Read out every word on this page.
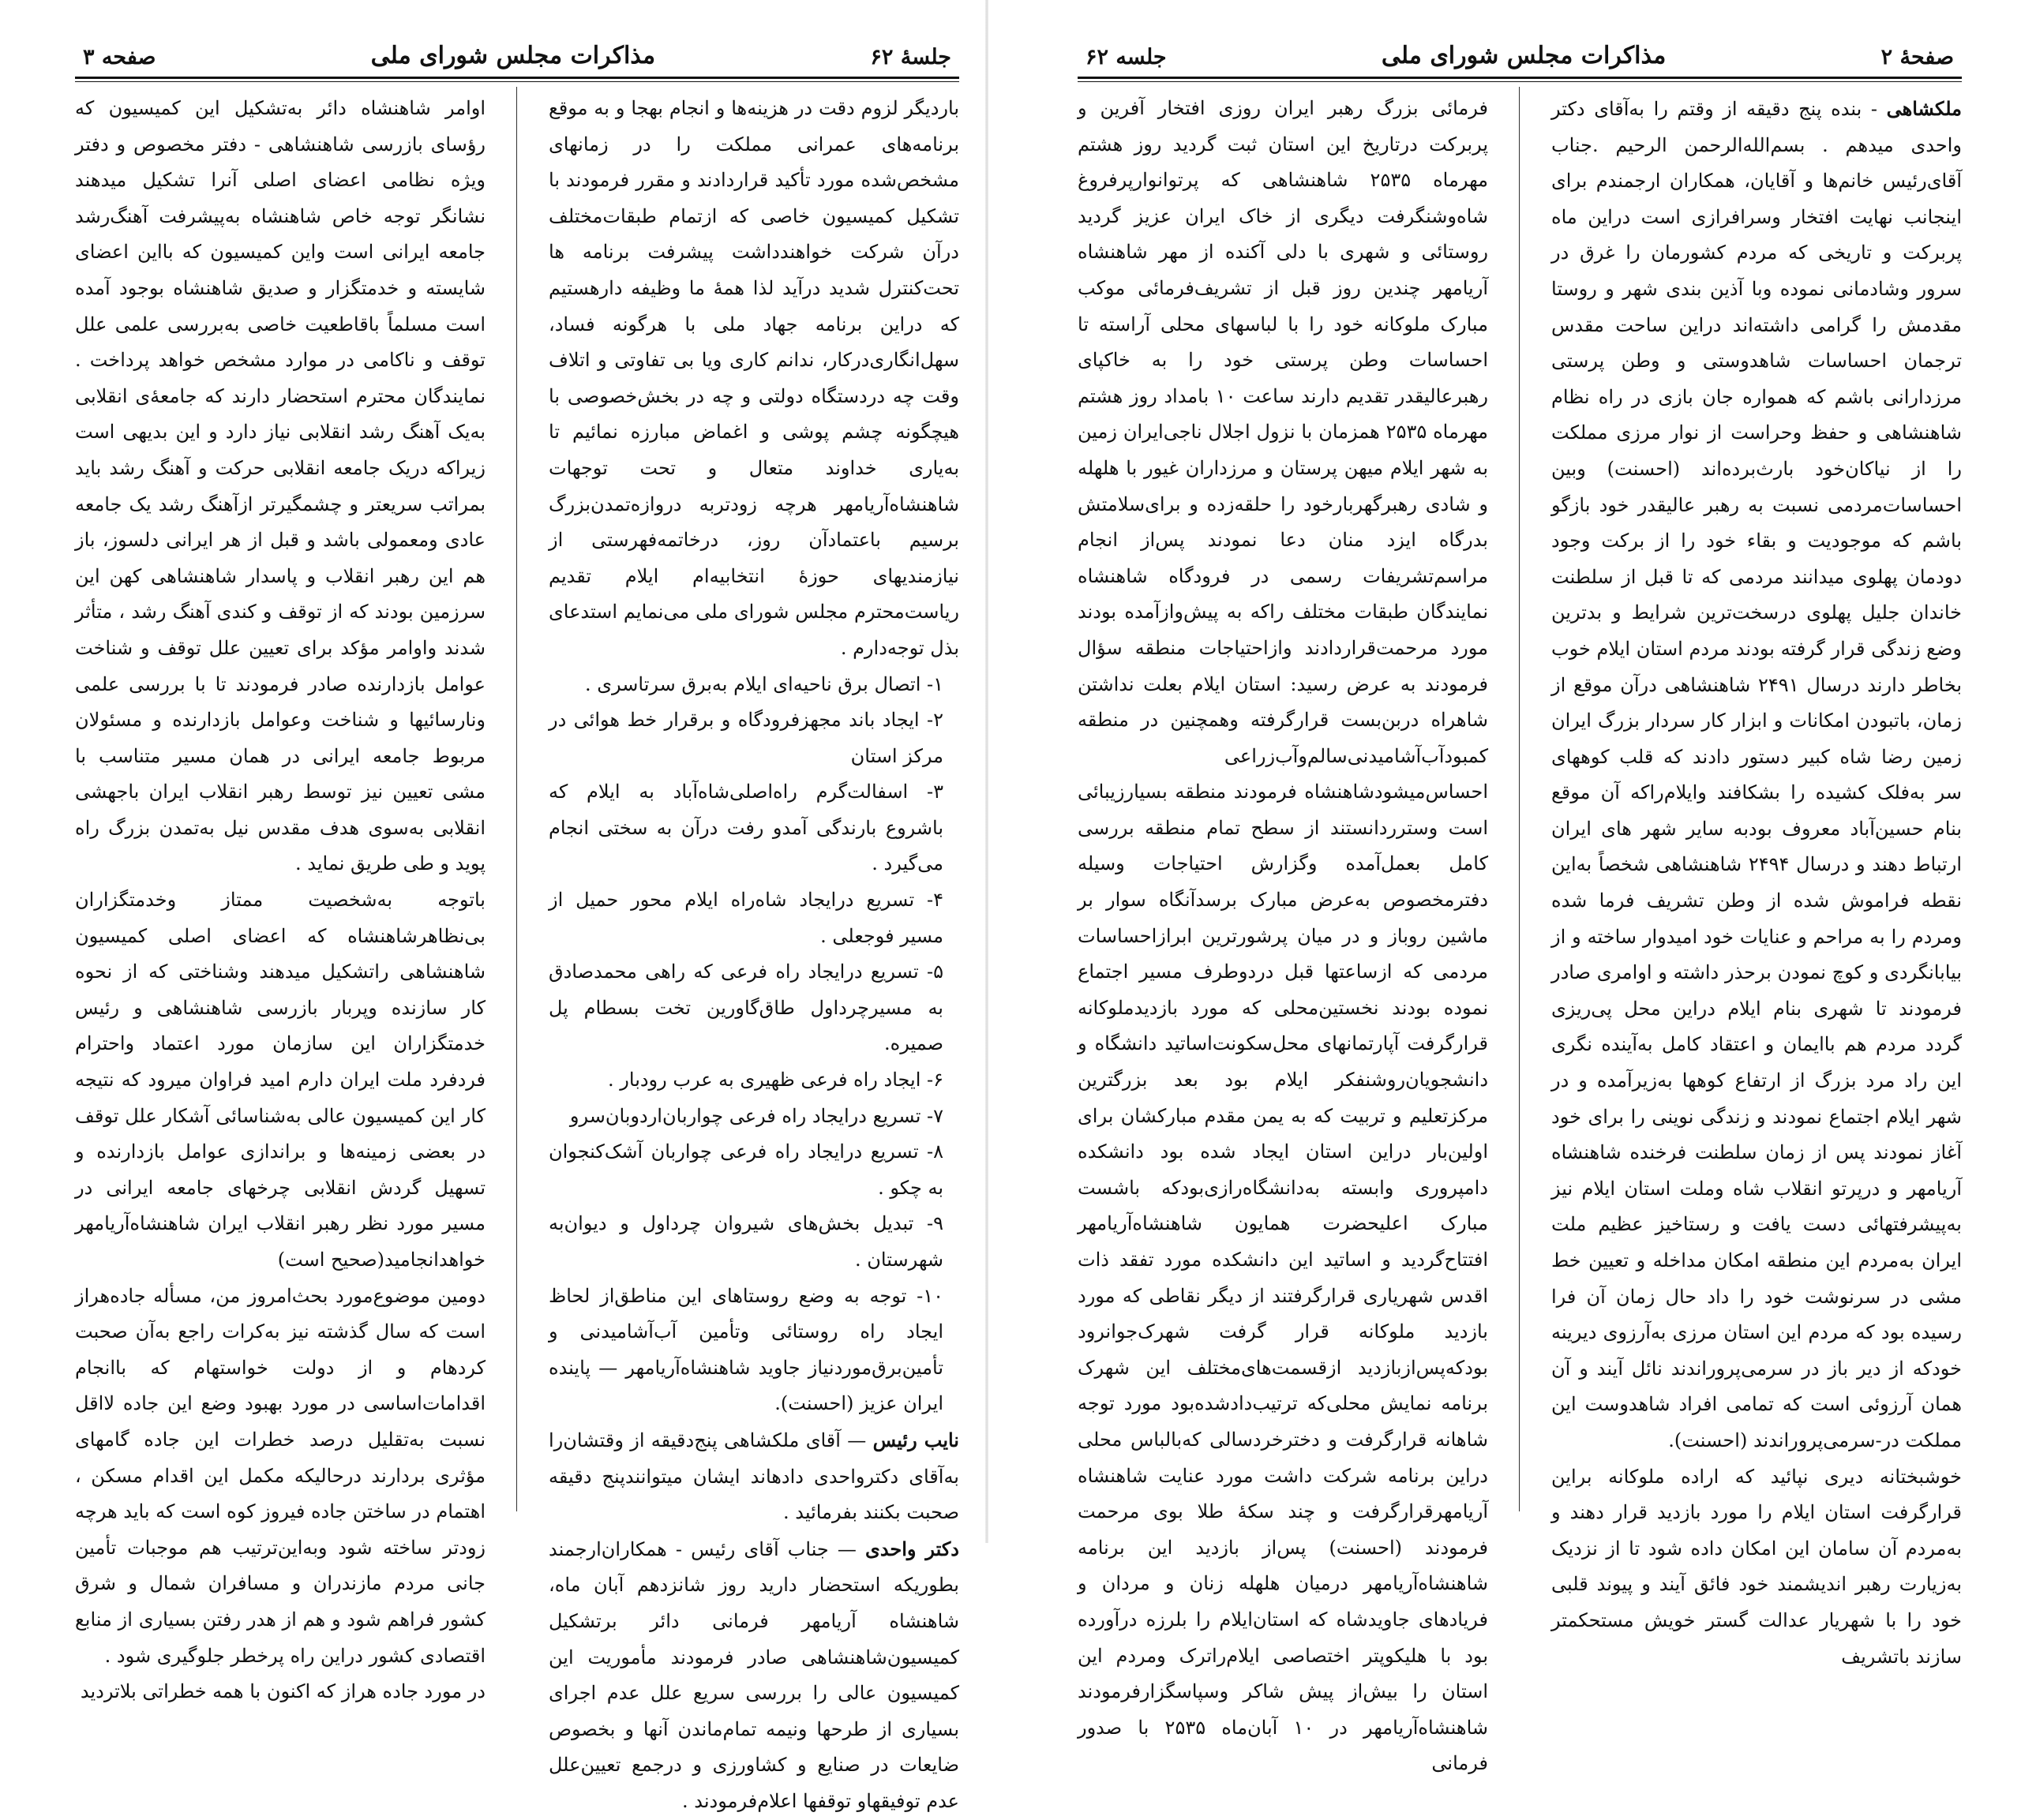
جلسهٔ ۶۲
مذاکرات مجلس شورای ملی
صفحه ۳

باردیگر لزوم دقت در هزینه‌ها و انجام بهجا و به موقع برنامه‌های عمرانی مملکت را در زمانهای مشخص‌شده مورد تأکید قراردادند و مقرر فرمودند با تشکیل کمیسیون خاصی که ازتمام طبقات‌مختلف درآن شرکت خواهندداشت پیشرفت برنامه ها تحت‌کنترل شدید درآید لذا همهٔ ما وظیفه دارهستیم که دراین برنامه جهاد ملی با هرگونه فساد، سهل‌انگاری‌درکار، ندانم کاری ویا بی تفاوتی و اتلاف وقت چه دردستگاه دولتی و چه در بخش‌خصوصی با هیچگونه چشم پوشی و اغماض مبارزه نمائیم تا به‌یاری خداوند متعال و تحت توجهات شاهنشاه‌آریامهر هرچه زودتربه دروازه‌تمدن‌بزرگ برسیم باعتماد‌آن روز، درخاتمه‌فهرستی از نیازمندیهای حوزهٔ انتخابیه‌ام ایلام تقدیم ریاست‌محترم مجلس شورای ملی می‌نمایم استدعای بذل توجه‌دارم .

۱- اتصال برق ناحیه‌ای ایلام به‌برق سرتاسری .

۲- ایجاد باند مجهزفرودگاه و برقرار خط هوائی در مرکز استان

۳- اسفالت‌گرم راه‌اصلی‌شاه‌آباد به ایلام که باشروع بارندگی آمدو رفت درآن به سختی انجام می‌گیرد .

۴- تسریع درایجاد شاه‌راه ایلام محور حمیل از مسیر فوجعلی .

۵- تسریع درایجاد راه فرعی که راهی محمدصادق به مسیرچرداول طاق‌گاورین تخت بسطام پل صمیره.

۶- ایجاد راه فرعی ظهیری به عرب رودبار .

۷- تسریع درایجاد راه فرعی چواربان‌اردوبان‌سرو

۸- تسریع درایجاد راه فرعی چواربان آشک‌کنجوان به چکو .

۹- تبدیل بخش‌های شیروان چرداول و دیوان‌به شهرستان .

۱۰- توجه به وضع روستاهای این مناطق‌از لحاظ ایجاد راه روستائی وتأمین آب‌آشامیدنی و تأمین‌برق‌موردنیاز جاوید شاهنشاه‌آریامهر — پاینده ایران عزیز (احسنت).

نایب رئیس — آقای ملکشاهی پنج‌دقیقه از وقتشان‌را به‌آقای دکترواحدی دادهاند ایشان میتوانندپنج دقیقه صحبت بکنند بفرمائید .

دکتر واحدی — جناب آقای رئیس - همکاران‌ارجمند بطوریکه استحضار دارید روز شانزدهم آبان ماه، شاهنشاه آریامهر فرمانی دائر برتشکیل کمیسیون‌شاهنشاهی صادر فرمودند مأموریت این کمیسیون عالی را بررسی سریع علل عدم اجرای بسیاری از طرحها ونیمه تمام‌ماندن آنها و بخصوص ضایعات در صنایع و کشاورزی و درجمع تعیین‌علل عدم توفیقهاو توقفها اعلام‌فرمودند .

اوامر شاهنشاه دائر به‌تشکیل این کمیسیون که رؤسای بازرسی شاهنشاهی - دفتر مخصوص و دفتر ویژه نظامی اعضای اصلی آنرا تشکیل میدهند نشانگر توجه خاص شاهنشاه به‌پیشرفت آهنگ‌رشد جامعه ایرانی است واین کمیسیون که بااین اعضای شایسته و خدمتگزار و صدیق شاهنشاه بوجود آمده است مسلماً باقاطعیت خاصی به‌بررسی علمی علل توقف و ناکامی در موارد مشخص خواهد پرداخت . نمایندگان محترم استحضار دارند که جامعهٔ‌ی انقلابی به‌یک آهنگ رشد انقلابی نیاز دارد و این بدیهی است زیراکه دریک جامعه انقلابی حرکت و آهنگ رشد باید بمراتب سریعتر و چشمگیرتر ازآهنگ رشد یک جامعه عادی ومعمولی باشد و قبل از هر ایرانی دلسوز، باز هم این رهبر انقلاب و پاسدار شاهنشاهی کهن این سرزمین بودند که از توقف و کندی آهنگ رشد ، متأثر شدند واوامر مؤکد برای تعیین علل توقف و شناخت عوامل بازدارنده صادر فرمودند تا با بررسی علمی ونارسائیها و شناخت وعوامل بازدارنده و مسئولان مربوط جامعه ایرانی در همان مسیر متناسب با مشی تعیین نیز توسط رهبر انقلاب ایران باجهشی انقلابی به‌سوی هدف مقدس نیل به‌تمدن بزرگ راه پوید و طی طریق نماید .

باتوجه به‌شخصیت ممتاز وخدمتگزاران بی‌نظاهرشاهنشاه که اعضای اصلی کمیسیون شاهنشاهی راتشکیل میدهند وشناختی که از نحوه کار سازنده وپربار بازرسی شاهنشاهی و رئیس خدمتگزاران این سازمان مورد اعتماد واحترام فردفرد ملت ایران دارم امید فراوان میرود که نتیجه کار این کمیسیون عالی به‌شناسائی آشکار علل توقف در بعضی زمینه‌ها و براندازی عوامل بازدارنده و تسهیل گردش انقلابی چرخهای جامعه ایرانی در مسیر مورد نظر رهبر انقلاب ایران شاهنشاه‌آریامهر خواهدانجامید(صحیح است)

دومین موضوع‌مورد بحث‌امروز من، مسأله جاده‌هراز است که سال گذشته نیز به‌کرات راجع به‌آن صحبت کردهام و از دولت خواستهام که باانجام اقدامات‌اساسی در مورد بهبود وضع این جاده لااقل نسبت به‌تقلیل درصد خطرات این جاده گامهای مؤثری بردارند درحالیکه مکمل این اقدام مسکن ، اهتمام در ساختن جاده فیروز کوه است که باید هرچه زودتر ساخته شود وبه‌این‌ترتیب هم موجبات تأمین جانی مردم مازندران و مسافران شمال و شرق کشور فراهم شود و هم از هدر رفتن بسیاری از منابع اقتصادی کشور دراین راه پرخطر جلوگیری شود .

در مورد جاده هراز که اکنون با همه خطراتی بلاتردید

صفحهٔ ۲
مذاکرات مجلس شورای ملی
جلسه ۶۲

ملکشاهی - بنده پنج دقیقه از وقتم را به‌آقای دکتر واحدی میدهم . بسم‌الله‌الرحمن الرحیم .جناب آقای‌رئیس خانم‌ها و آقایان، همکاران ارجمندم برای اینجانب نهایت افتخار وسرافرازی است دراین ماه پربرکت و تاریخی که مردم کشورمان را غرق در سرور وشادمانی نموده وبا آذین بندی شهر و روستا مقدمش را گرامی داشته‌اند دراین ساحت مقدس ترجمان احساسات شاهدوستی و وطن پرستی مرزدارانی باشم که همواره جان بازی در راه نظام شاهنشاهی و حفظ وحراست از نوار مرزی مملکت را از نیاکان‌خود بارث‌برده‌اند (احسنت) وبین احساسات‌مردمی نسبت به رهبر عالیقدر خود بازگو باشم که موجودیت و بقاء خود را از برکت وجود دودمان پهلوی میدانند مردمی که تا قبل از سلطنت خاندان جلیل پهلوی درسخت‌ترین شرایط و بدترین وضع زندگی قرار گرفته بودند مردم استان ایلام خوب بخاطر دارند درسال ۲۴۹۱ شاهنشاهی درآن موقع از زمان، باتبودن امکانات و ابزار کار سردار بزرگ ایران زمین رضا شاه کبیر دستور دادند که قلب کوههای سر به‌فلک کشیده را بشکافند وایلام‌راکه آن موقع بنام حسین‌آباد معروف بودبه سایر شهر های ایران ارتباط دهند و درسال ۲۴۹۴ شاهنشاهی شخصاً به‌این نقطه فراموش شده از وطن تشریف فرما شده ومردم را به مراحم و عنایات خود امیدوار ساخته و از بیابانگردی و کوچ نمودن برحذر داشته و اوامری صادر فرمودند تا شهری بنام ایلام دراین محل پی‌ریزی گردد مردم هم باایمان و اعتقاد کامل به‌آینده نگری این راد مرد بزرگ از ارتفاع کوهها به‌زیرآمده و در شهر ایلام اجتماع نمودند و زندگی نوینی را برای خود آغاز نمودند پس از زمان سلطنت فرخنده شاهنشاه آریامهر و درپرتو انقلاب شاه وملت استان ایلام نیز به‌پیشرفتهائی دست یافت و رستاخیز عظیم ملت ایران به‌مردم این منطقه امکان مداخله و تعیین خط مشی در سرنوشت خود را داد حال زمان آن فرا رسیده بود که مردم این استان مرزی به‌آرزوی دیرینه خودکه از دیر باز در سرمی‌پروراندند نائل آیند و آن همان آرزوئی است که تمامی افراد شاهدوست این مملکت در-سرمی‌پروراندند (احسنت).

خوشبختانه دیری نپائید که اراده ملوکانه براین قرارگرفت استان ایلام را مورد بازدید قرار دهند و به‌مردم آن سامان این امکان داده شود تا از نزدیک به‌زیارت رهبر اندیشمند خود فائق آیند و پیوند قلبی خود را با شهریار عدالت گستر خویش مستحکمتر سازند باتشریف

فرمائی بزرگ رهبر ایران روزی افتخار آفرین و پربرکت درتاریخ این استان ثبت گردید روز هشتم مهرماه ۲۵۳۵ شاهنشاهی که پرتوانوارپرفروغ شاه‌وشنگرفت دیگری از خاک ایران عزیز گردید روستائی و شهری با دلی آکنده از مهر شاهنشاه آریامهر چندین روز قبل از تشریف‌فرمائی موکب مبارک ملوکانه خود را با لباسهای محلی آراسته تا احساسات وطن پرستی خود را به خاکپای رهبرعالیقدر تقدیم دارند ساعت ۱۰ بامداد روز هشتم مهرماه ۲۵۳۵ همزمان با نزول اجلال ناجی‌ایران زمین به شهر ایلام میهن پرستان و مرزداران غیور با هلهله و شادی رهبرگهربارخود را حلقه‌زده و برای‌سلامتش بدرگاه ایزد منان دعا نمودند پس‌از انجام مراسم‌تشریفات رسمی در فرودگاه شاهنشاه نمایندگان طبقات مختلف راکه به پیش‌وازآمده بودند مورد مرحمت‌قراردادند وازاحتیاجات منطقه سؤال فرمودند به عرض رسید: استان ایلام بعلت نداشتن شاهراه دربن‌بست قرارگرفته وهمچنین در منطقه کمبودآب‌آشامیدنی‌سالم‌وآب‌زراعی احساس‌میشودشاهنشاه فرمودند منطقه بسیارزیبائی است وسترردانستند از سطح تمام منطقه بررسی کامل بعمل‌آمده وگزارش احتیاجات وسیله دفترمخصوص به‌عرض مبارک برسدآنگاه سوار بر ماشین روباز و در میان پرشورترین ابرازاحساسات مردمی که ازساعتها قبل دردوطرف مسیر اجتماع نموده بودند نخستین‌محلی که مورد بازدیدملوکانه قرارگرفت آپارتمانهای محل‌سکونت‌اساتید دانشگاه و دانشجویان‌روشنفکر ایلام بود بعد بزرگترین مرکزتعلیم و تربیت که به یمن مقدم مبارکشان برای اولین‌بار دراین استان ایجاد شده بود دانشکده دامپروری وابسته به‌دانشگاه‌رازی‌بودکه باشست مبارک اعلیحضرت همایون شاهنشاه‌آریامهر افتتاح‌گردید و اساتید این دانشکده مورد تفقد ذات اقدس شهریاری قرارگرفتند از دیگر نقاطی که مورد بازدید ملوکانه قرار گرفت شهرک‌جوانرود بودکه‌پس‌ازبازدید ازقسمت‌های‌مختلف این شهرک برنامه نمایش محلی‌که ترتیب‌دادشده‌بود مورد توجه شاهانه قرارگرفت و دخترخردسالی که‌بالباس محلی دراین برنامه شرکت داشت مورد عنایت شاهنشاه آریامهرقرارگرفت و چند سکهٔ طلا بوی مرحمت فرمودند (احسنت) پس‌از بازدید این برنامه شاهنشاه‌آریامهر درمیان هلهله زنان و مردان و فریادهای جاوید‌شاه که استان‌ایلام را بلرزه درآورده بود با هلیکوپتر اختصاصی ایلام‌راترک ومردم این استان را بیش‌از پیش شاکر وسپاسگزارفرمودند شاهنشاه‌آریامهر در ۱۰ آبان‌ماه ۲۵۳۵ با صدور فرمانی
